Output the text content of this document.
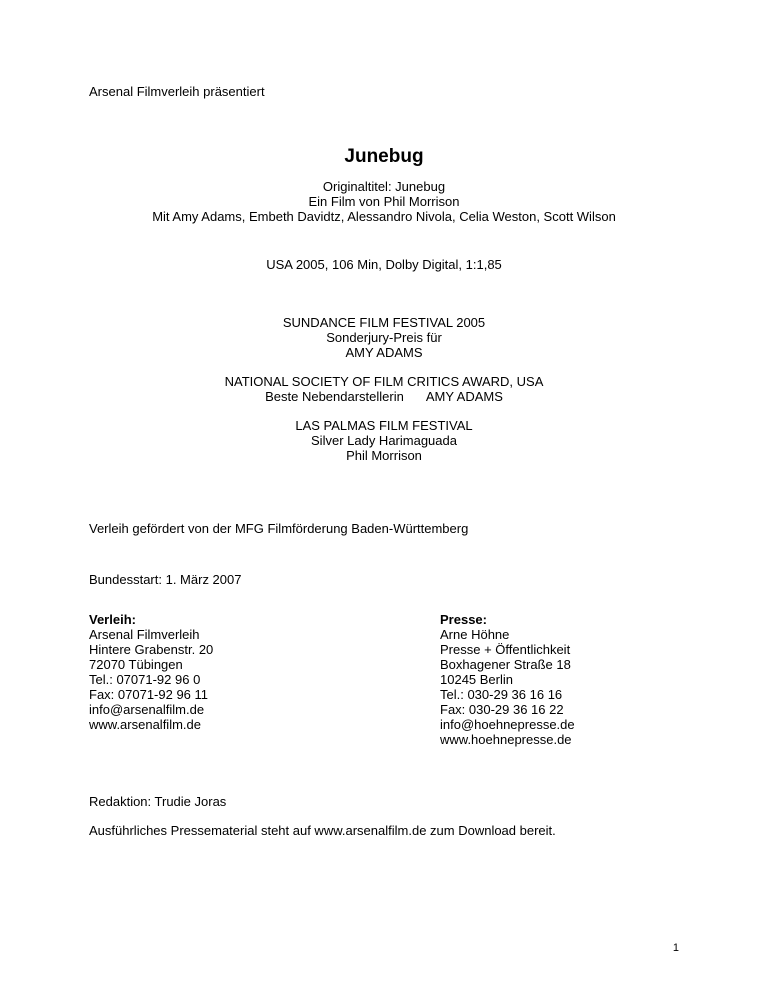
Arsenal Filmverleih präsentiert
Junebug
Originaltitel: Junebug
Ein Film von Phil Morrison
Mit Amy Adams, Embeth Davidtz, Alessandro Nivola, Celia Weston, Scott Wilson
USA 2005, 106 Min, Dolby Digital, 1:1,85
SUNDANCE FILM FESTIVAL 2005
Sonderjury-Preis für
AMY ADAMS
NATIONAL SOCIETY OF FILM CRITICS AWARD, USA
Beste Nebendarstellerin AMY ADAMS
LAS PALMAS FILM FESTIVAL
Silver Lady Harimaguada
Phil Morrison
Verleih gefördert von der MFG Filmförderung Baden-Württemberg
Bundesstart: 1. März 2007
Verleih:
Arsenal Filmverleih
Hintere Grabenstr. 20
72070 Tübingen
Tel.: 07071-92 96 0
Fax: 07071-92 96 11
info@arsenalfilm.de
www.arsenalfilm.de
Presse:
Arne Höhne
Presse + Öffentlichkeit
Boxhagener Straße 18
10245 Berlin
Tel.: 030-29 36 16 16
Fax: 030-29 36 16 22
info@hoehnepresse.de
www.hoehnepresse.de
Redaktion: Trudie Joras
Ausführliches Pressematerial steht auf www.arsenalfilm.de zum Download bereit.
1
